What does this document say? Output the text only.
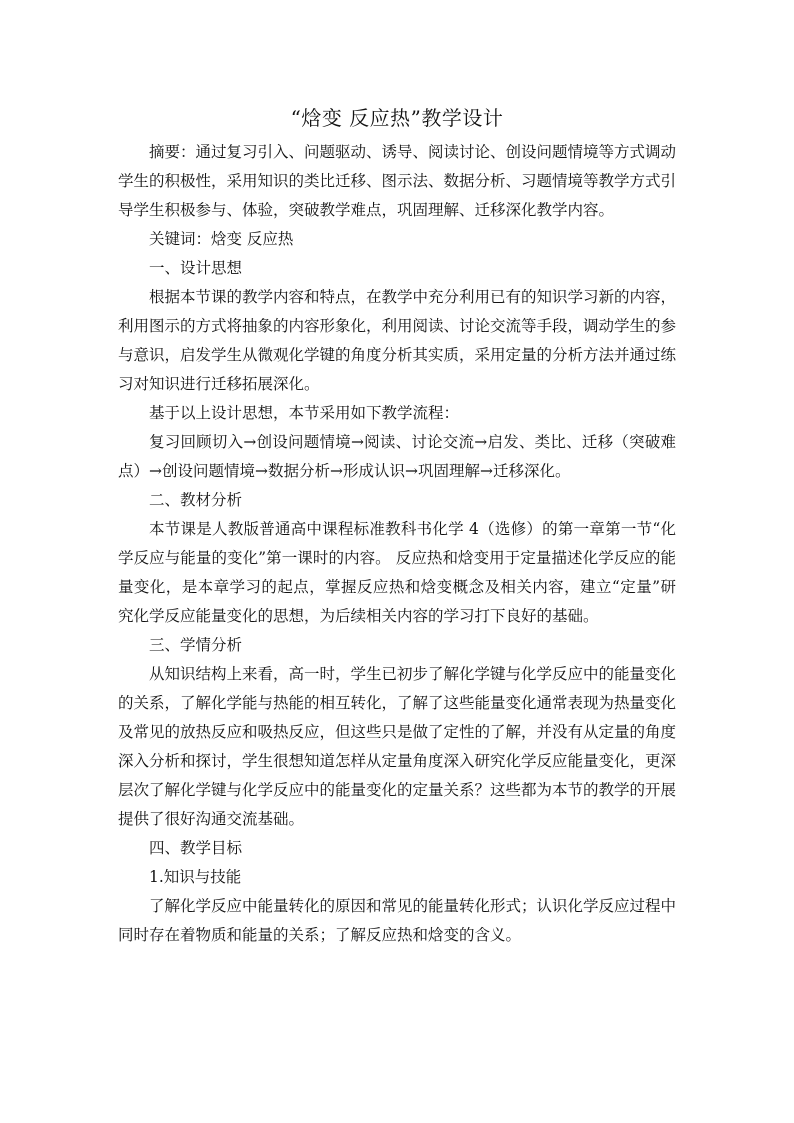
“焓变 反应热”教学设计

摘要：通过复习引入、问题驱动、诱导、阅读讨论、创设问题情境等方式调动学生的积极性，采用知识的类比迁移、图示法、数据分析、习题情境等教学方式引导学生积极参与、体验，突破教学难点，巩固理解、迁移深化教学内容。

关键词：焓变 反应热

一、设计思想

根据本节课的教学内容和特点，在教学中充分利用已有的知识学习新的内容，利用图示的方式将抽象的内容形象化，利用阅读、讨论交流等手段，调动学生的参与意识，启发学生从微观化学键的角度分析其实质，采用定量的分析方法并通过练习对知识进行迁移拓展深化。

基于以上设计思想，本节采用如下教学流程：

复习回顾切入→创设问题情境→阅读、讨论交流→启发、类比、迁移（突破难点）→创设问题情境→数据分析→形成认识→巩固理解→迁移深化。

二、教材分析

本节课是人教版普通高中课程标准教科书化学 4（选修）的第一章第一节“化学反应与能量的变化”第一课时的内容。 反应热和焓变用于定量描述化学反应的能量变化，是本章学习的起点，掌握反应热和焓变概念及相关内容，建立“定量”研究化学反应能量变化的思想，为后续相关内容的学习打下良好的基础。

三、学情分析

从知识结构上来看，高一时，学生已初步了解化学键与化学反应中的能量变化的关系，了解化学能与热能的相互转化，了解了这些能量变化通常表现为热量变化及常见的放热反应和吸热反应，但这些只是做了定性的了解，并没有从定量的角度深入分析和探讨，学生很想知道怎样从定量角度深入研究化学反应能量变化，更深层次了解化学键与化学反应中的能量变化的定量关系？这些都为本节的教学的开展提供了很好沟通交流基础。

四、教学目标

1.知识与技能

了解化学反应中能量转化的原因和常见的能量转化形式；认识化学反应过程中同时存在着物质和能量的关系；了解反应热和焓变的含义。
